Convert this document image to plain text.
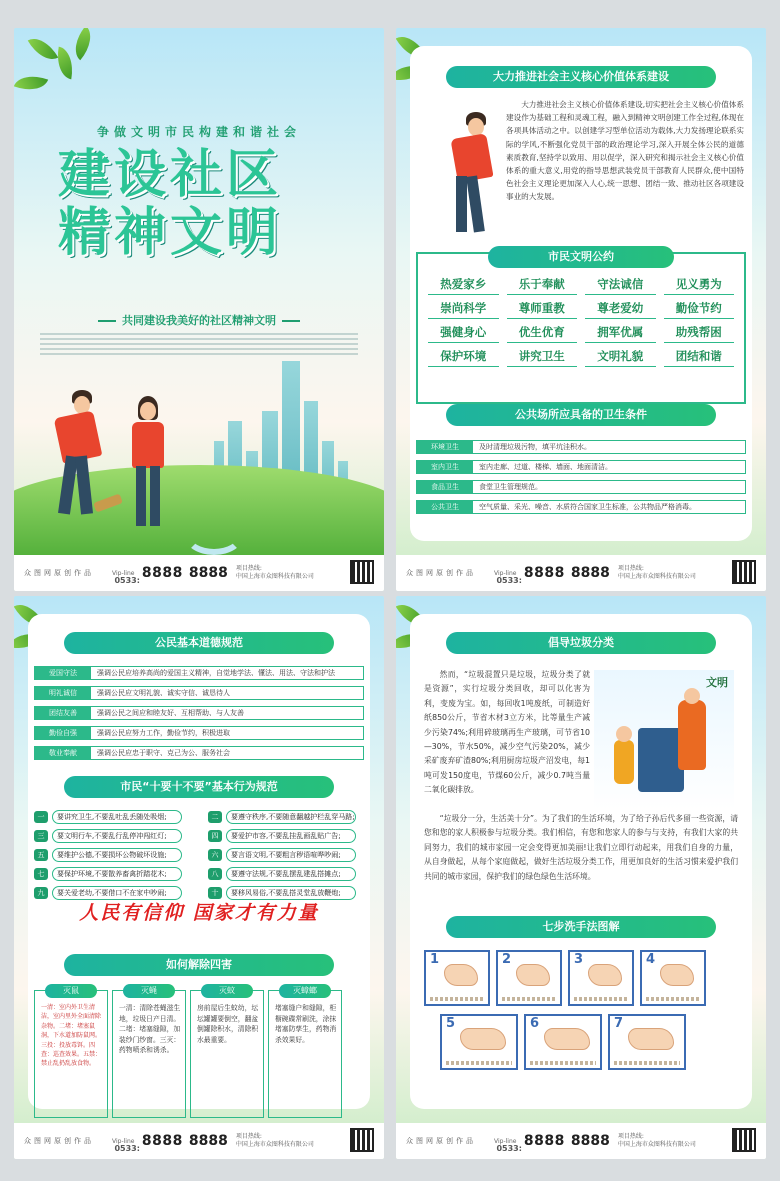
争做文明市民构建和谐社会
建设社区
精神文明
共同建设我美好的社区精神文明
众图网原创作品	Vip-line
0533: 8888 8888 项目热线:
中国上海市众图科技有限公司
大力推进社会主义核心价值体系建设
大力推进社会主义核心价值体系建设,切实把社会主义核心价值体系建设作为基础工程和灵魂工程，融入到精神文明创建工作全过程,体现在各项具体活动之中。以创建学习型单位活动为载体,大力发扬理论联系实际的学风,不断强化党员干部的政治理论学习,深入开展全体公民的道德素质教育,坚持学以致用、用以促学，深入研究和揭示社会主义核心价值体系的重大意义,用党的指导思想武装党员干部教育人民群众,使中国特色社会主义理论更加深入人心,统一思想、团结一致、推动社区各项建设事业的大发展。
市民文明公约
热爱家乡	乐于奉献	守法诚信	见义勇为
崇尚科学	尊师重教	尊老爱幼	勤俭节约
强健身心	优生优育	拥军优属	助残帮困
保护环境	讲究卫生	文明礼貌	团结和谐
公共场所应具备的卫生条件
环境卫生	及时清理垃圾污物，填平坑洼积水。
室内卫生	室内走廊、过道、楼梯、墙面、地面清洁。
食品卫生	食堂卫生管理规范。
公共卫生	空气质量、采光、噪音、水质符合国家卫生标准，公共物品严格消毒。
众图网原创作品	Vip-line
0533: 8888 8888 项目热线:
中国上海市众图科技有限公司
公民基本道德规范
爱国守法	强调公民应培养高尚的爱国主义精神，自觉地学法、懂法、用法、守法和护法
明礼诚信	强调公民应文明礼貌、诚实守信、诚恳待人
团结友善	强调公民之间应和睦友好、互相帮助、与人友善
勤俭自强	强调公民应努力工作，勤俭节约，积极进取
敬业奉献	强调公民应忠于职守、克己为公、服务社会
市民“十要十不要”基本行为规范
一	要讲究卫生,不要乱吐乱丢随处吸烟;
三	要文明行车,不要乱行乱停冲闯红灯;
五	要维护公德,不要损坏公物破坏设施;
七	要保护环境,不要散养畜禽折踏花木;
九	要关爱老幼,不要借口不在家中吵闹;
二	要遵守秩序,不要随意翻越护栏乱穿马路;
四	要爱护市容,不要乱挂乱画乱贴广告;
六	要言语文明,不要粗言秽语喧哗吵闹;
八	要遵守法规,不要乱摆乱建乱搭摊点;
十	要移风易俗,不要乱搭灵堂乱放鞭炮;
人民有信仰 国家才有力量
如何解除四害
灭鼠
一清：室内外卫生清洁，室内里外全面清除杂物。二堵：堵塞鼠洞，下水道加防鼠网。三投：投放毒饵。四查：巡查效果。五禁：禁止乱扔乱放食物。
灭蝇
一清：清除苍蝇滋生地，垃圾日产日清。二堵：堵塞缝隙，加装纱门纱窗。三灭：药物喷杀和诱杀。
灭蚊
房前屋后生蚊幼，坛坛罐罐要倒空，翻盆倒罐除积水，清除积水最重要。
灭蟑螂
堵塞缝户和缝隙，柜橱碗碟常刷洗，涂抹堵塞防孳生，药物消杀效果好。
众图网原创作品	Vip-line
0533: 8888 8888 项目热线:
中国上海市众图科技有限公司
倡导垃圾分类
然而，“垃圾混置只是垃圾，垃圾分类了就是资源”，实行垃圾分类回收，却可以化害为利，变废为宝。如，每回收1吨废纸，可制造好纸850公斤，节省木材3立方米，比等量生产减少污染74%;利用碎玻璃再生产玻璃，可节省10—30%，节水50%，减少空气污染20%，减少采矿废弃矿渣80%;利用厨房垃圾产沼发电，每1吨可发150度电，节煤60公斤，减少0.7吨当量二氧化碳排放。
文明
“垃圾分一分，生活美十分”。为了我们的生活环境，为了给子孙后代多留一些资源，请您和您的家人积极参与垃圾分类。我们相信，有您和您家人的参与与支持，有我们大家的共同努力，我们的城市家园一定会变得更加美丽!让我们立即行动起来，用我们自身的力量，从自身做起，从每个家庭做起，做好生活垃圾分类工作，用更加良好的生活习惯来爱护我们共同的城市家园，保护我们的绿色绿色生活环境。
七步洗手法图解
1	2	3	4
5	6	7
众图网原创作品	Vip-line
0533: 8888 8888 项目热线:
中国上海市众图科技有限公司
